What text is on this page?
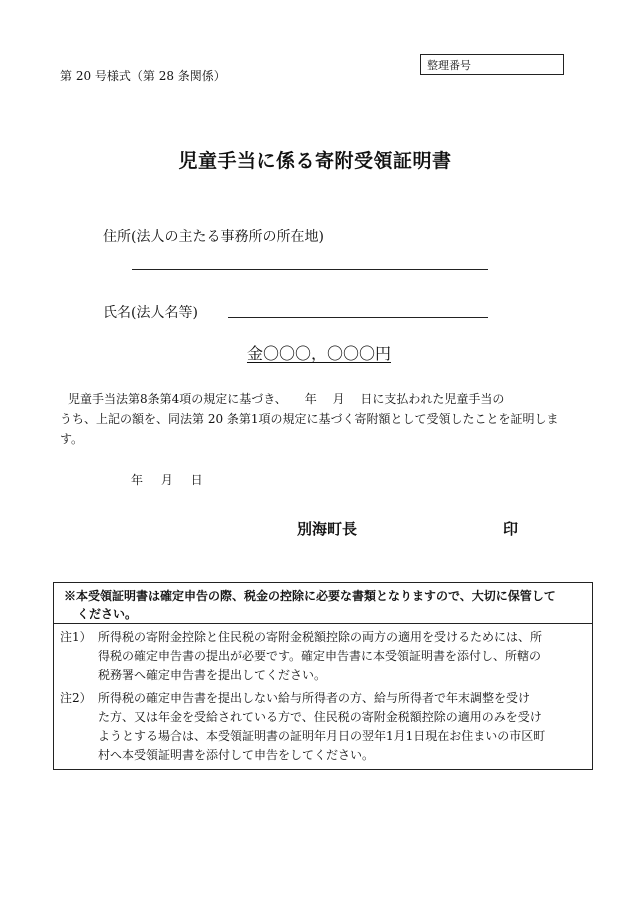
第 20 号様式（第 28 条関係）
整理番号
児童手当に係る寄附受領証明書
住所(法人の主たる事務所の所在地)
氏名(法人名等)
金〇〇〇，〇〇〇円
児童手当法第8条第4項の規定に基づき、　　年　 月　 日に支払われた児童手当の
うち、上記の額を、同法第 20 条第1項の規定に基づく寄附額として受領したことを証明しま
す。
年 月 日
別海町長	印
※本受領証明書は確定申告の際、税金の控除に必要な書類となりますので、大切に保管して
ください。
注1） 所得税の寄附金控除と住民税の寄附金税額控除の両方の適用を受けるためには、所
得税の確定申告書の提出が必要です。確定申告書に本受領証明書を添付し、所轄の
税務署へ確定申告書を提出してください。
注2） 所得税の確定申告書を提出しない給与所得者の方、給与所得者で年末調整を受け
た方、又は年金を受給されている方で、住民税の寄附金税額控除の適用のみを受け
ようとする場合は、本受領証明書の証明年月日の翌年1月1日現在お住まいの市区町
村へ本受領証明書を添付して申告をしてください。
